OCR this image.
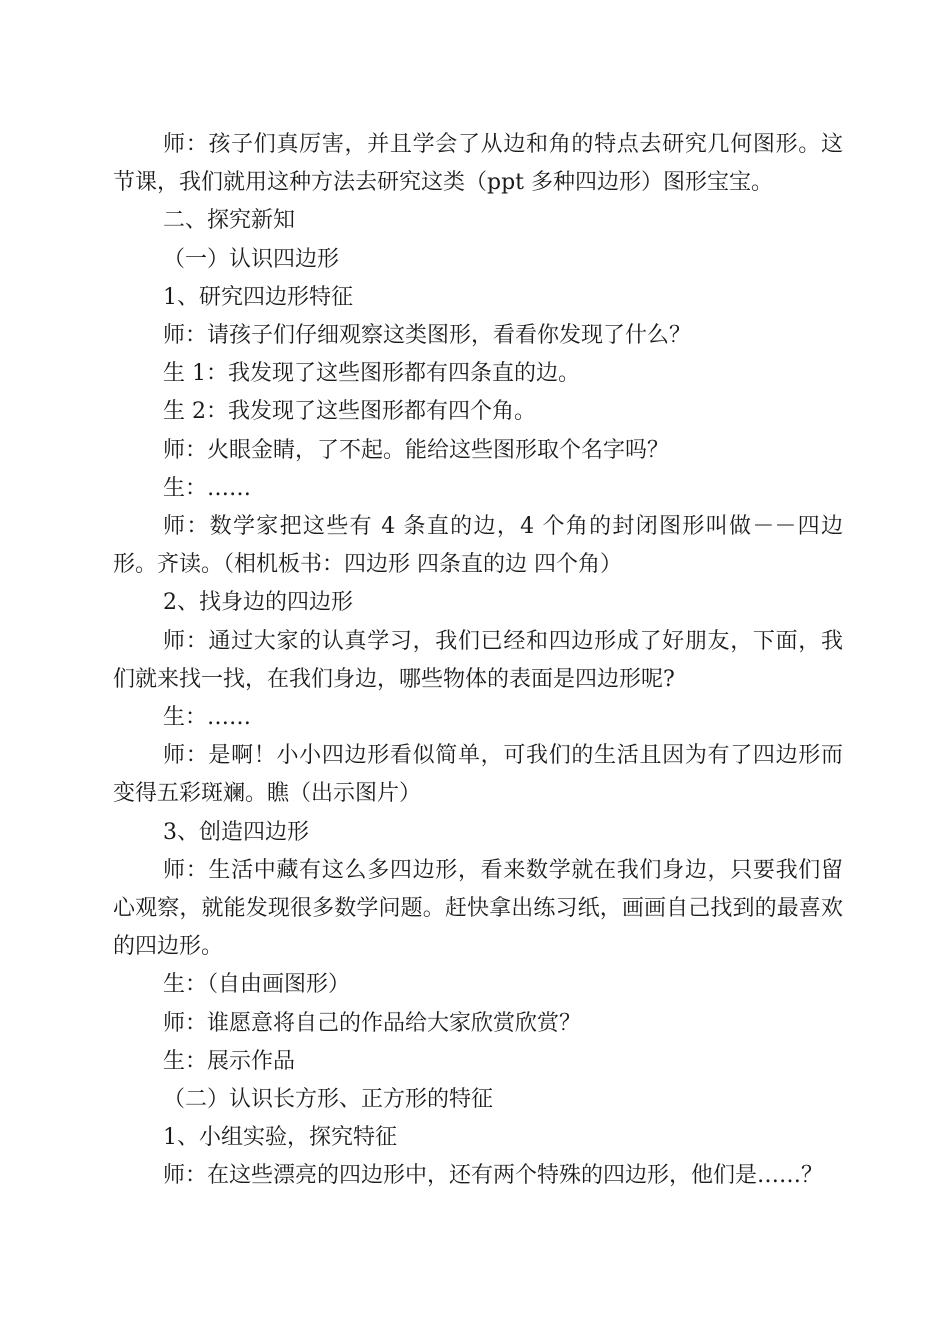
师：孩子们真厉害，并且学会了从边和角的特点去研究几何图形。这节课，我们就用这种方法去研究这类（ppt 多种四边形）图形宝宝。

二、探究新知

（一）认识四边形

1、研究四边形特征

师：请孩子们仔细观察这类图形，看看你发现了什么？

生 1：我发现了这些图形都有四条直的边。

生 2：我发现了这些图形都有四个角。

师：火眼金睛，了不起。能给这些图形取个名字吗？

生：……

师：数学家把这些有 4 条直的边，4 个角的封闭图形叫做－－四边形。齐读。（相机板书：四边形 四条直的边 四个角）

2、找身边的四边形

师：通过大家的认真学习，我们已经和四边形成了好朋友，下面，我们就来找一找，在我们身边，哪些物体的表面是四边形呢?

生：……

师：是啊！小小四边形看似简单，可我们的生活且因为有了四边形而变得五彩斑斓。瞧（出示图片）

3、创造四边形

师：生活中藏有这么多四边形，看来数学就在我们身边，只要我们留心观察，就能发现很多数学问题。赶快拿出练习纸，画画自己找到的最喜欢的四边形。

生：（自由画图形）

师：谁愿意将自己的作品给大家欣赏欣赏？

生：展示作品

（二）认识长方形、正方形的特征

1、小组实验，探究特征

师：在这些漂亮的四边形中，还有两个特殊的四边形，他们是……？
